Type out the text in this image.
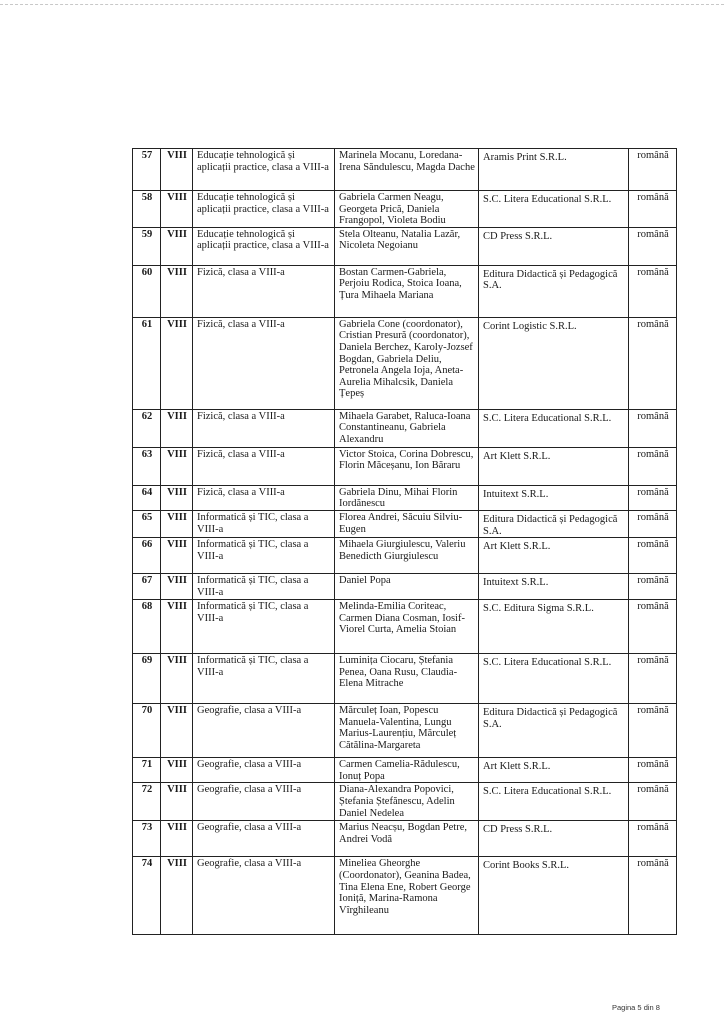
57	VIII	Educație tehnologică și aplicații practice, clasa a VIII-a	Marinela Mocanu, Loredana-Irena Săndulescu, Magda Dache	Aramis Print S.R.L.	română
58	VIII	Educație tehnologică și aplicații practice, clasa a VIII-a	Gabriela Carmen Neagu, Georgeta Prică, Daniela Frangopol, Violeta Bodiu	S.C. Litera Educational S.R.L.	română
59	VIII	Educație tehnologică și aplicații practice, clasa a VIII-a	Stela Olteanu, Natalia Lazăr, Nicoleta Negoianu	CD Press S.R.L.	română
60	VIII	Fizică, clasa a VIII-a	Bostan Carmen-Gabriela, Perjoiu Rodica, Stoica Ioana, Țura Mihaela Mariana	Editura Didactică și Pedagogică S.A.	română
61	VIII	Fizică, clasa a VIII-a	Gabriela Cone (coordonator), Cristian Presură (coordonator), Daniela Berchez, Karoly-Jozsef Bogdan, Gabriela Deliu, Petronela Angela Ioja, Aneta-Aurelia Mihalcsik, Daniela Țepeș	Corint Logistic S.R.L.	română
62	VIII	Fizică, clasa a VIII-a	Mihaela Garabet, Raluca-Ioana Constantineanu, Gabriela Alexandru	S.C. Litera Educational S.R.L.	română
63	VIII	Fizică, clasa a VIII-a	Victor Stoica, Corina Dobrescu, Florin Măceșanu, Ion Băraru	Art Klett S.R.L.	română
64	VIII	Fizică, clasa a VIII-a	Gabriela Dinu, Mihai Florin Iordănescu	Intuitext S.R.L.	română
65	VIII	Informatică și TIC, clasa a VIII-a	Florea Andrei, Săcuiu Silviu-Eugen	Editura Didactică și Pedagogică S.A.	română
66	VIII	Informatică și TIC, clasa a VIII-a	Mihaela Giurgiulescu, Valeriu Benedicth Giurgiulescu	Art Klett S.R.L.	română
67	VIII	Informatică și TIC, clasa a VIII-a	Daniel Popa	Intuitext S.R.L.	română
68	VIII	Informatică și TIC, clasa a VIII-a	Melinda-Emilia Coriteac, Carmen Diana Cosman, Iosif-Viorel Curta, Amelia Stoian	S.C. Editura Sigma S.R.L.	română
69	VIII	Informatică și TIC, clasa a VIII-a	Luminița Ciocaru, Ștefania Penea, Oana Rusu, Claudia-Elena Mitrache	S.C. Litera Educational S.R.L.	română
70	VIII	Geografie, clasa a VIII-a	Mărculeț Ioan, Popescu Manuela-Valentina, Lungu Marius-Laurențiu, Mărculeț Cătălina-Margareta	Editura Didactică și Pedagogică S.A.	română
71	VIII	Geografie, clasa a VIII-a	Carmen Camelia-Rădulescu, Ionuț Popa	Art Klett S.R.L.	română
72	VIII	Geografie, clasa a VIII-a	Diana-Alexandra Popovici, Ștefania Ștefănescu, Adelin Daniel Nedelea	S.C. Litera Educational S.R.L.	română
73	VIII	Geografie, clasa a VIII-a	Marius Neacșu, Bogdan Petre, Andrei Vodă	CD Press S.R.L.	română
74	VIII	Geografie, clasa a VIII-a	Mineliea Gheorghe (Coordonator), Geanina Badea, Tina Elena Ene, Robert George Ioniță, Marina-Ramona Vîrghileanu	Corint Books S.R.L.	română
Pagina 5 din 8
